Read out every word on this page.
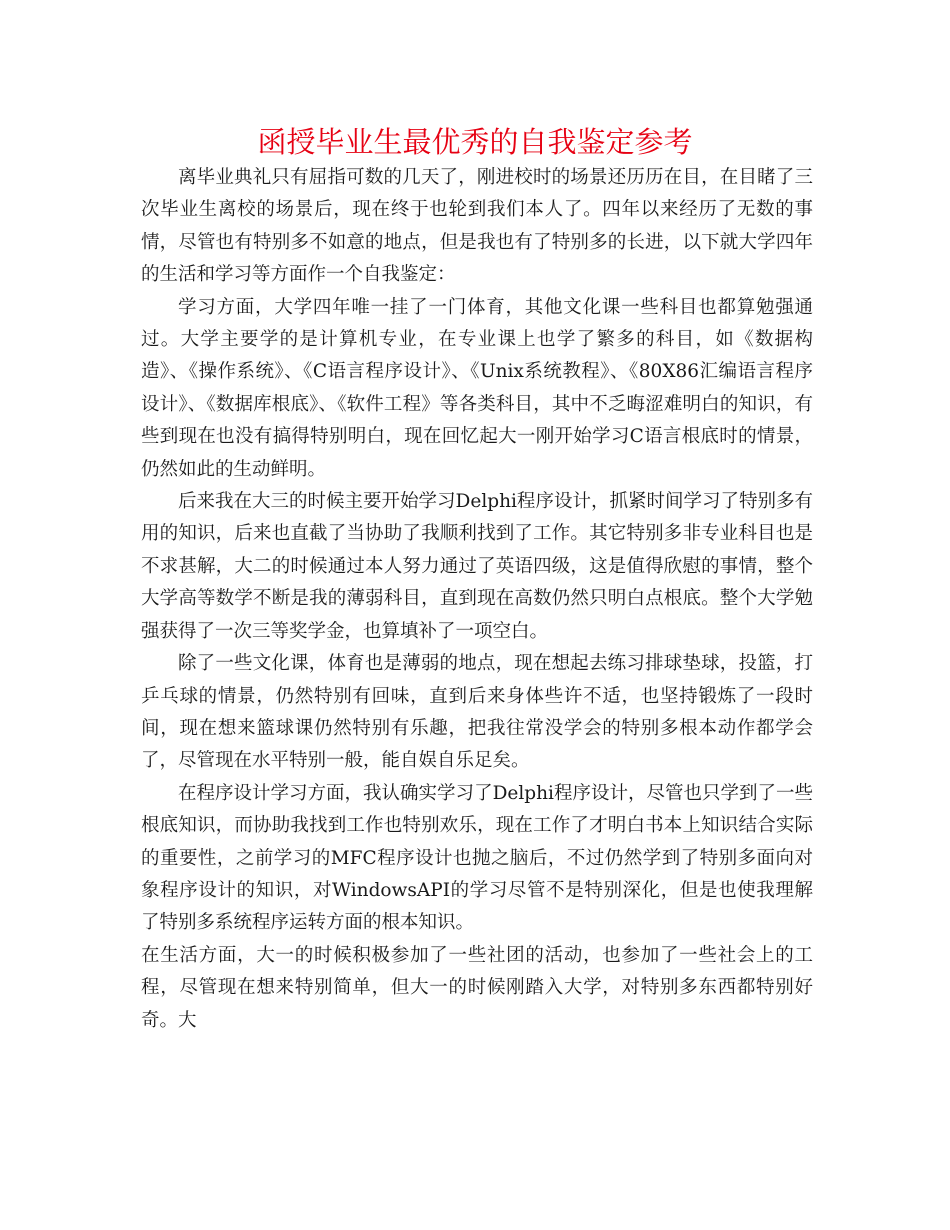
函授毕业生最优秀的自我鉴定参考

离毕业典礼只有屈指可数的几天了，刚进校时的场景还历历在目，在目睹了三次毕业生离校的场景后，现在终于也轮到我们本人了。四年以来经历了无数的事情，尽管也有特别多不如意的地点，但是我也有了特别多的长进，以下就大学四年的生活和学习等方面作一个自我鉴定：

学习方面，大学四年唯一挂了一门体育，其他文化课一些科目也都算勉强通过。大学主要学的是计算机专业，在专业课上也学了繁多的科目，如《数据构造》、《操作系统》、《C语言程序设计》、《Unix系统教程》、《80X86汇编语言程序设计》、《数据库根底》、《软件工程》等各类科目，其中不乏晦涩难明白的知识，有些到现在也没有搞得特别明白，现在回忆起大一刚开始学习C语言根底时的情景，仍然如此的生动鲜明。

后来我在大三的时候主要开始学习Delphi程序设计，抓紧时间学习了特别多有用的知识，后来也直截了当协助了我顺利找到了工作。其它特别多非专业科目也是不求甚解，大二的时候通过本人努力通过了英语四级，这是值得欣慰的事情，整个大学高等数学不断是我的薄弱科目，直到现在高数仍然只明白点根底。整个大学勉强获得了一次三等奖学金，也算填补了一项空白。

除了一些文化课，体育也是薄弱的地点，现在想起去练习排球垫球，投篮，打乒乓球的情景，仍然特别有回味，直到后来身体些许不适，也坚持锻炼了一段时间，现在想来篮球课仍然特别有乐趣，把我往常没学会的特别多根本动作都学会了，尽管现在水平特别一般，能自娱自乐足矣。

在程序设计学习方面，我认确实学习了Delphi程序设计，尽管也只学到了一些根底知识，而协助我找到工作也特别欢乐，现在工作了才明白书本上知识结合实际的重要性，之前学习的MFC程序设计也抛之脑后，不过仍然学到了特别多面向对象程序设计的知识，对WindowsAPI的学习尽管不是特别深化，但是也使我理解了特别多系统程序运转方面的根本知识。

在生活方面，大一的时候积极参加了一些社团的活动，也参加了一些社会上的工程，尽管现在想来特别简单，但大一的时候刚踏入大学，对特别多东西都特别好奇。大
